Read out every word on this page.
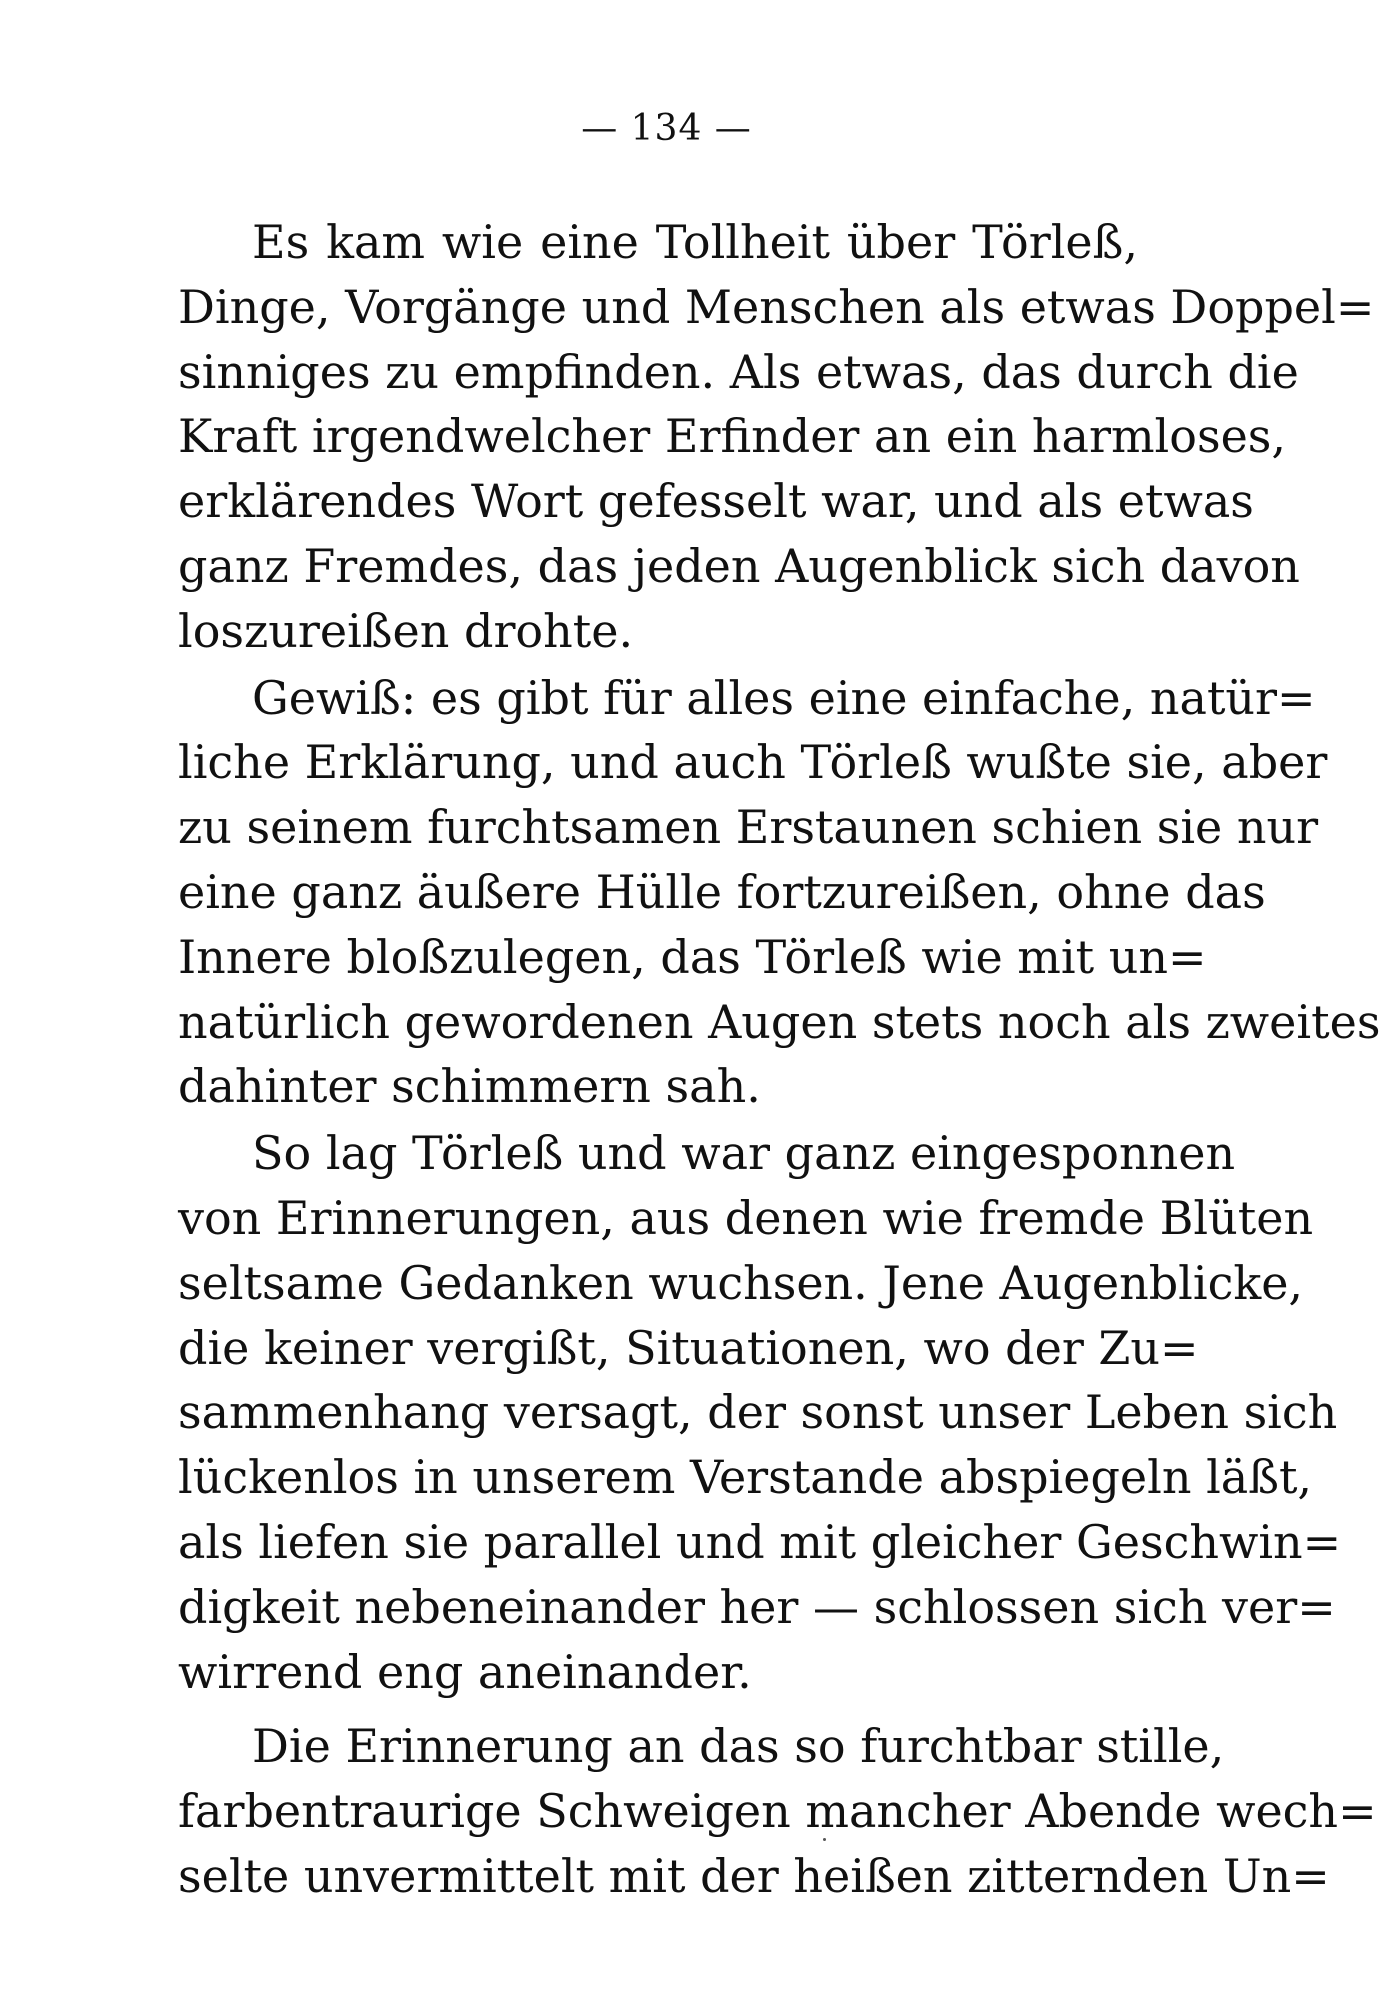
— 134 —
Es kam wie eine Tollheit über Törleß,
Dinge, Vorgänge und Menschen als etwas Doppel=
sinniges zu empfinden. Als etwas, das durch die
Kraft irgendwelcher Erfinder an ein harmloses,
erklärendes Wort gefesselt war, und als etwas
ganz Fremdes, das jeden Augenblick sich davon
loszureißen drohte.
Gewiß: es gibt für alles eine einfache, natür=
liche Erklärung, und auch Törleß wußte sie, aber
zu seinem furchtsamen Erstaunen schien sie nur
eine ganz äußere Hülle fortzureißen, ohne das
Innere bloßzulegen, das Törleß wie mit un=
natürlich gewordenen Augen stets noch als zweites
dahinter schimmern sah.
So lag Törleß und war ganz eingesponnen
von Erinnerungen, aus denen wie fremde Blüten
seltsame Gedanken wuchsen. Jene Augenblicke,
die keiner vergißt, Situationen, wo der Zu=
sammenhang versagt, der sonst unser Leben sich
lückenlos in unserem Verstande abspiegeln läßt,
als liefen sie parallel und mit gleicher Geschwin=
digkeit nebeneinander her — schlossen sich ver=
wirrend eng aneinander.
Die Erinnerung an das so furchtbar stille,
farbentraurige Schweigen mancher Abende wech=
selte unvermittelt mit der heißen zitternden Un=
